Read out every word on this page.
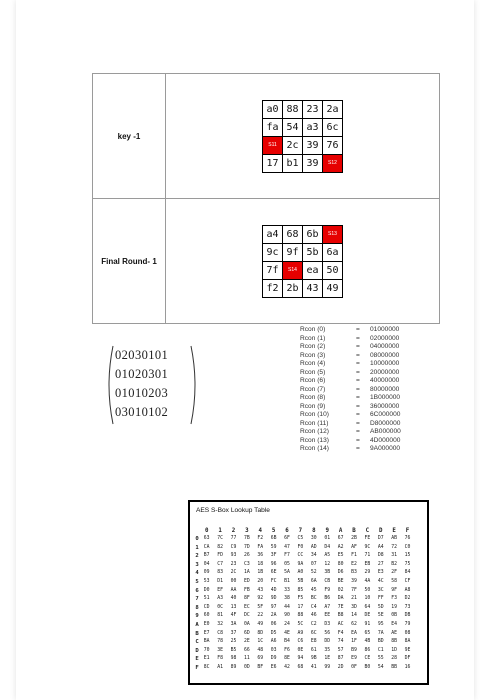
key -1	
a0	88	23	2a
fa	54	a3	6c
S11	2c	39	76
17	b1	39	S12

Final Round- 1	
a4	68	6b	S13
9c	9f	5b	6a
7f	S14	ea	50
f2	2b	43	49
02030101
01020301
01010203
03010102
Rcon (0)	= 01000000
Rcon (1)	= 02000000
Rcon (2)	= 04000000
Rcon (3)	= 08000000
Rcon (4)	= 10000000
Rcon (5)	= 20000000
Rcon (6)	= 40000000
Rcon (7)	= 80000000
Rcon (8)	= 1B000000
Rcon (9)	= 36000000
Rcon (10)	= 6C000000
Rcon (11)	= D8000000
Rcon (12)	= AB000000
Rcon (13)	= 4D000000
Rcon (14)	= 9A000000
AES S-Box Lookup Table
	0	1	2	3	4	5	6	7	8	9	A	B	C	D	E	F
0	63	7C	77	7B	F2	6B	6F	C5	30	01	67	2B	FE	D7	AB	76
1	CA	82	C9	7D	FA	59	47	F0	AD	D4	A2	AF	9C	A4	72	C0
2	B7	FD	93	26	36	3F	F7	CC	34	A5	E5	F1	71	D8	31	15
3	04	C7	23	C3	18	96	05	9A	07	12	80	E2	EB	27	B2	75
4	09	83	2C	1A	1B	6E	5A	A0	52	3B	D6	B3	29	E3	2F	84
5	53	D1	00	ED	20	FC	B1	5B	6A	CB	BE	39	4A	4C	58	CF
6	D0	EF	AA	FB	43	4D	33	85	45	F9	02	7F	50	3C	9F	A8
7	51	A3	40	8F	92	9D	38	F5	BC	B6	DA	21	10	FF	F3	D2
8	CD	0C	13	EC	5F	97	44	17	C4	A7	7E	3D	64	5D	19	73
9	60	81	4F	DC	22	2A	90	88	46	EE	B8	14	DE	5E	0B	DB
A	E0	32	3A	0A	49	06	24	5C	C2	D3	AC	62	91	95	E4	79
B	E7	C8	37	6D	8D	D5	4E	A9	6C	56	F4	EA	65	7A	AE	08
C	BA	78	25	2E	1C	A6	B4	C6	E8	DD	74	1F	4B	BD	8B	8A
D	70	3E	B5	66	48	03	F6	0E	61	35	57	B9	86	C1	1D	9E
E	E1	F8	98	11	69	D9	8E	94	9B	1E	87	E9	CE	55	28	DF
F	8C	A1	89	0D	BF	E6	42	68	41	99	2D	0F	B0	54	BB	16
